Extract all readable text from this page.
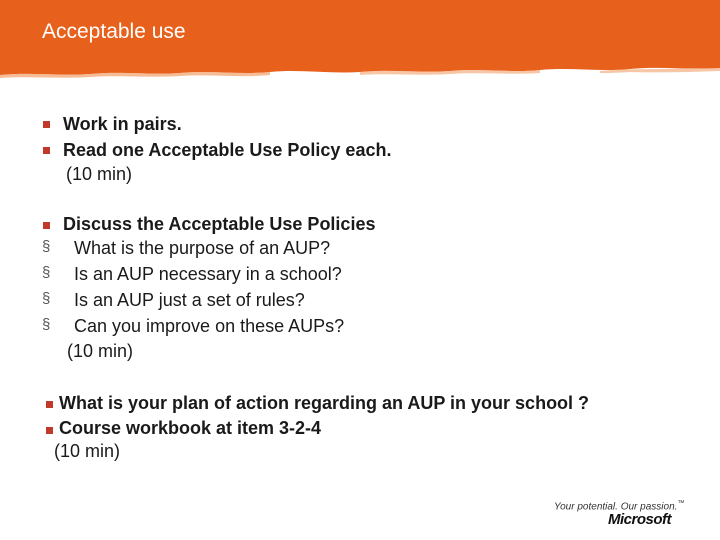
Acceptable use
Work in pairs.
Read one Acceptable Use Policy each.
(10 min)
Discuss the Acceptable Use Policies
§ What is the purpose of an AUP?
§ Is an AUP necessary in a school?
§ Is an AUP just a set of rules?
§ Can you improve on these AUPs?
(10 min)
What is your plan of action regarding an AUP in your school ?
Course workbook at item 3-2-4
(10 min)
Your potential. Our passion.™
Microsoft
